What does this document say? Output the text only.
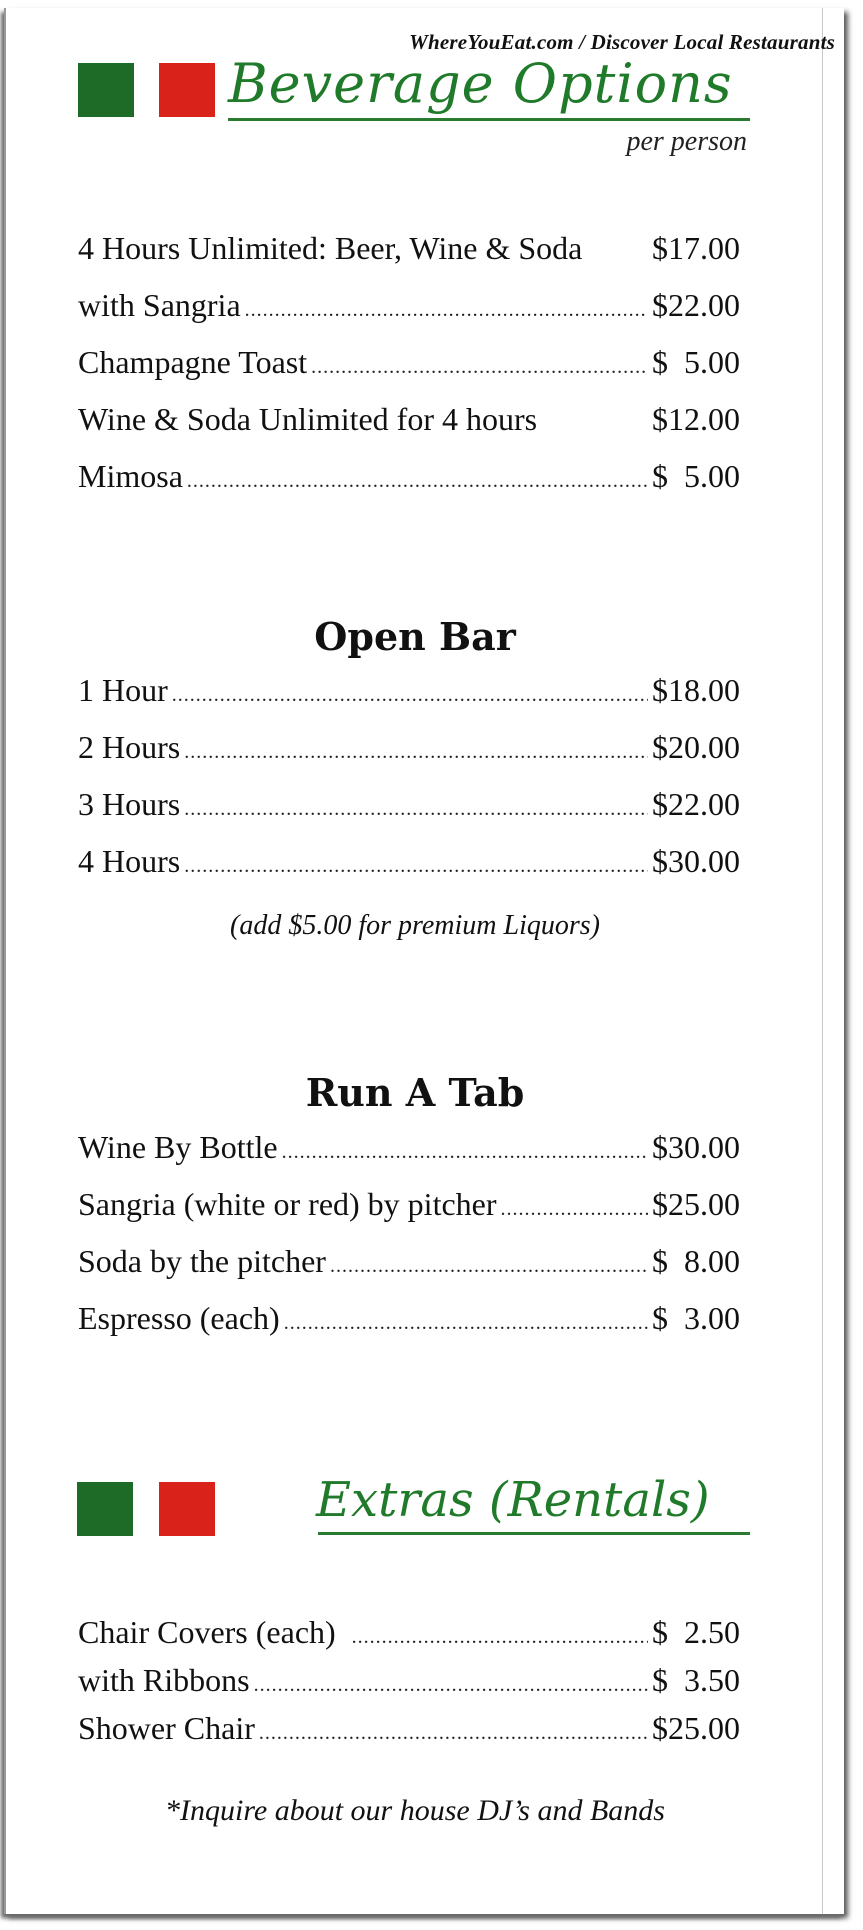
WhereYouEat.com / Discover Local Restaurants
Beverage Options
per person
4 Hours Unlimited: Beer, Wine & Soda $17.00
with Sangria .....	$22.00
Champagne Toast .....	$  5.00
Wine & Soda Unlimited for 4 hours	$12.00
Mimosa .....	$  5.00
Open Bar
1 Hour .....	$18.00
2 Hours .....	$20.00
3 Hours .....	$22.00
4 Hours .....	$30.00
(add $5.00 for premium Liquors)
Run A Tab
Wine By Bottle .....	$30.00
Sangria (white or red) by pitcher .....	$25.00
Soda by the pitcher .....	$  8.00
Espresso (each) .....	$  3.00
Extras (Rentals)
Chair Covers (each) .....	$  2.50
with Ribbons .....	$  3.50
Shower Chair .....	$25.00
*Inquire about our house DJ’s and Bands
